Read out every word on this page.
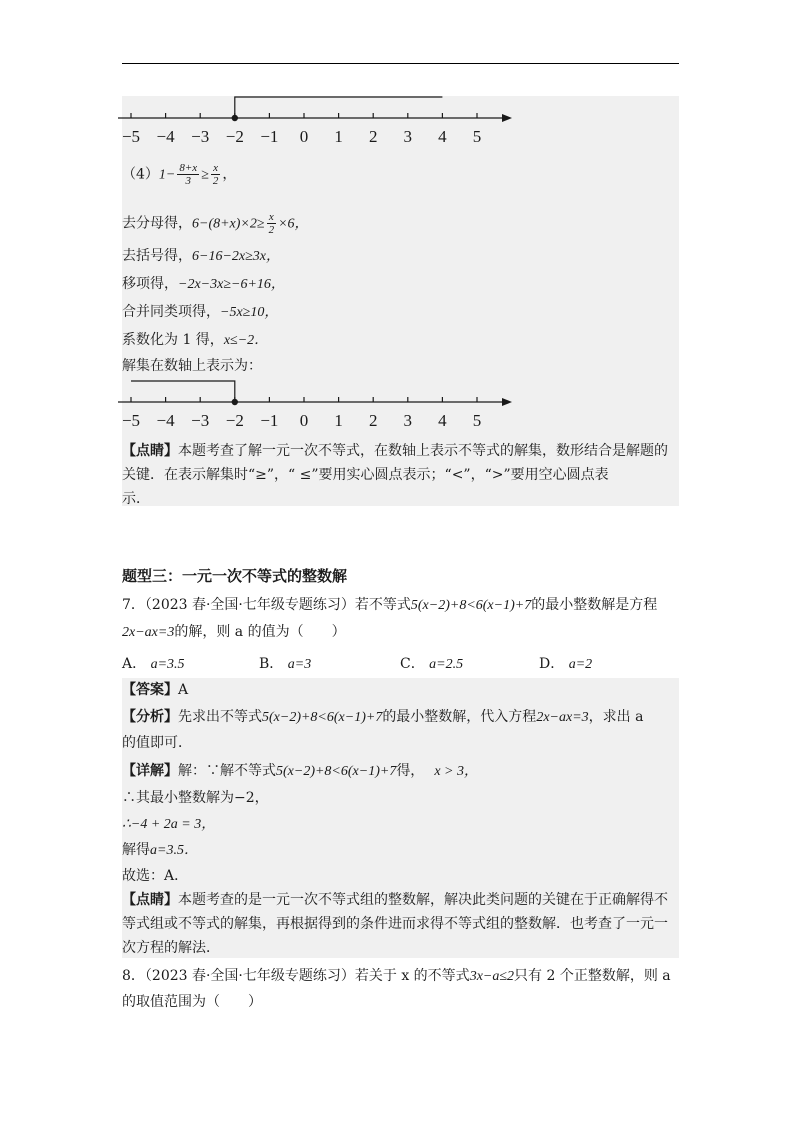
−5 −4 −3 −2 −1 0 1 2 3 4 5
$(4)1- \frac{8+x}{3} \ge \frac{x}{2}$ ，
去分母得，$6-(8+x)\times 2\ge \frac{x}{2} \times 6$，
去括号得，6−16−2x≥3x，
移项得，−2x−3x≥−6+16，
合并同类项得，−5x≥10，
系数化为 1 得，x≤−2．
解集在数轴上表示为：
−5 −4 −3 −2 −1 0 1 2 3 4 5
【点睛】本题考查了解一元一次不等式，在数轴上表示不等式的解集，数形结合是解题的
关键．在表示解集时“≥”，“ ≤”要用实心圆点表示；“<”，“>”要用空心圆点表
示．
题型三：一元一次不等式的整数解
7．（2023 春·全国·七年级专题练习）若不等式5(x−2)+8<6(x−1)+7的最小整数解是方程
2x−ax=3的解，则 a 的值为（　　）
A． a=3.5	B． a=3	C． a=2.5	D． a=2
【答案】A
【分析】先求出不等式5(x−2)+8<6(x−1)+7的最小整数解，代入方程2x−ax=3，求出 a
的值即可．
【详解】解：∵解不等式5(x−2)+8<6(x−1)+7得， x > 3，
∴其最小整数解为−2，
∴−4 + 2a = 3，
解得a=3.5．
故选：A．
【点睛】本题考查的是一元一次不等式组的整数解，解决此类问题的关键在于正确解得不
等式组或不等式的解集，再根据得到的条件进而求得不等式组的整数解．也考查了一元一
次方程的解法．
8．（2023 春·全国·七年级专题练习）若关于 x 的不等式3x−a≤2只有 2 个正整数解，则 a
的取值范围为（　　）
